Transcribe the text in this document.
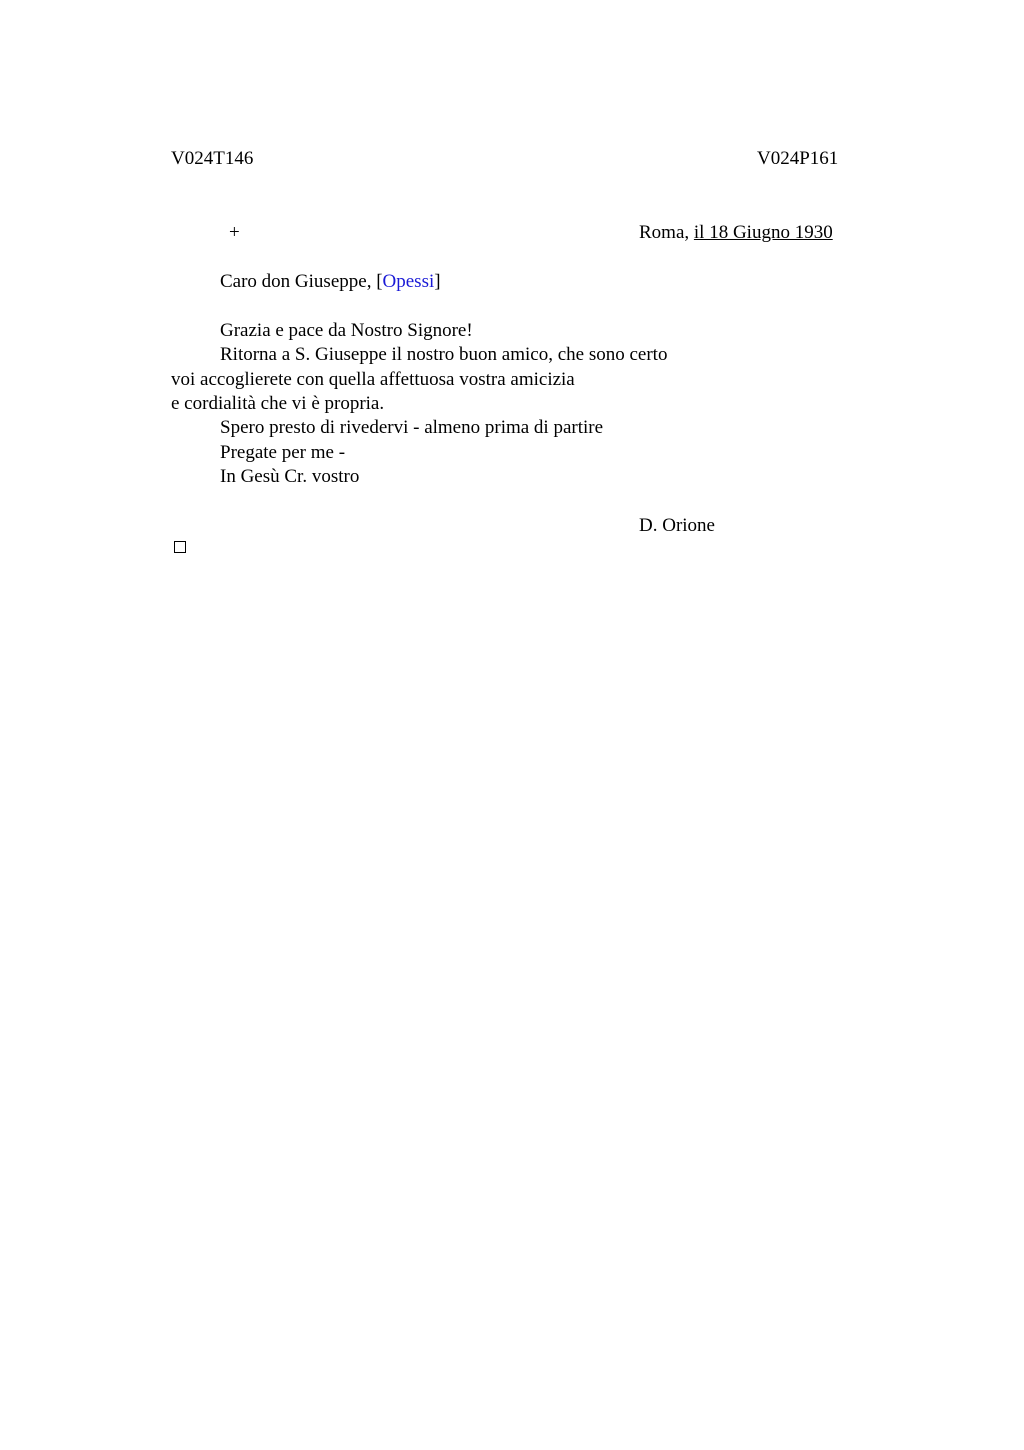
V024T146	V024P161
+	Roma, il 18 Giugno 1930
Caro don Giuseppe, [Opessi]
Grazia e pace da Nostro Signore!
Ritorna a S. Giuseppe il nostro buon amico, che sono certo
voi accoglierete con quella affettuosa vostra amicizia
e cordialità che vi è propria.
Spero presto di rivedervi - almeno prima di partire
Pregate per me -
In Gesù Cr. vostro
D. Orione
